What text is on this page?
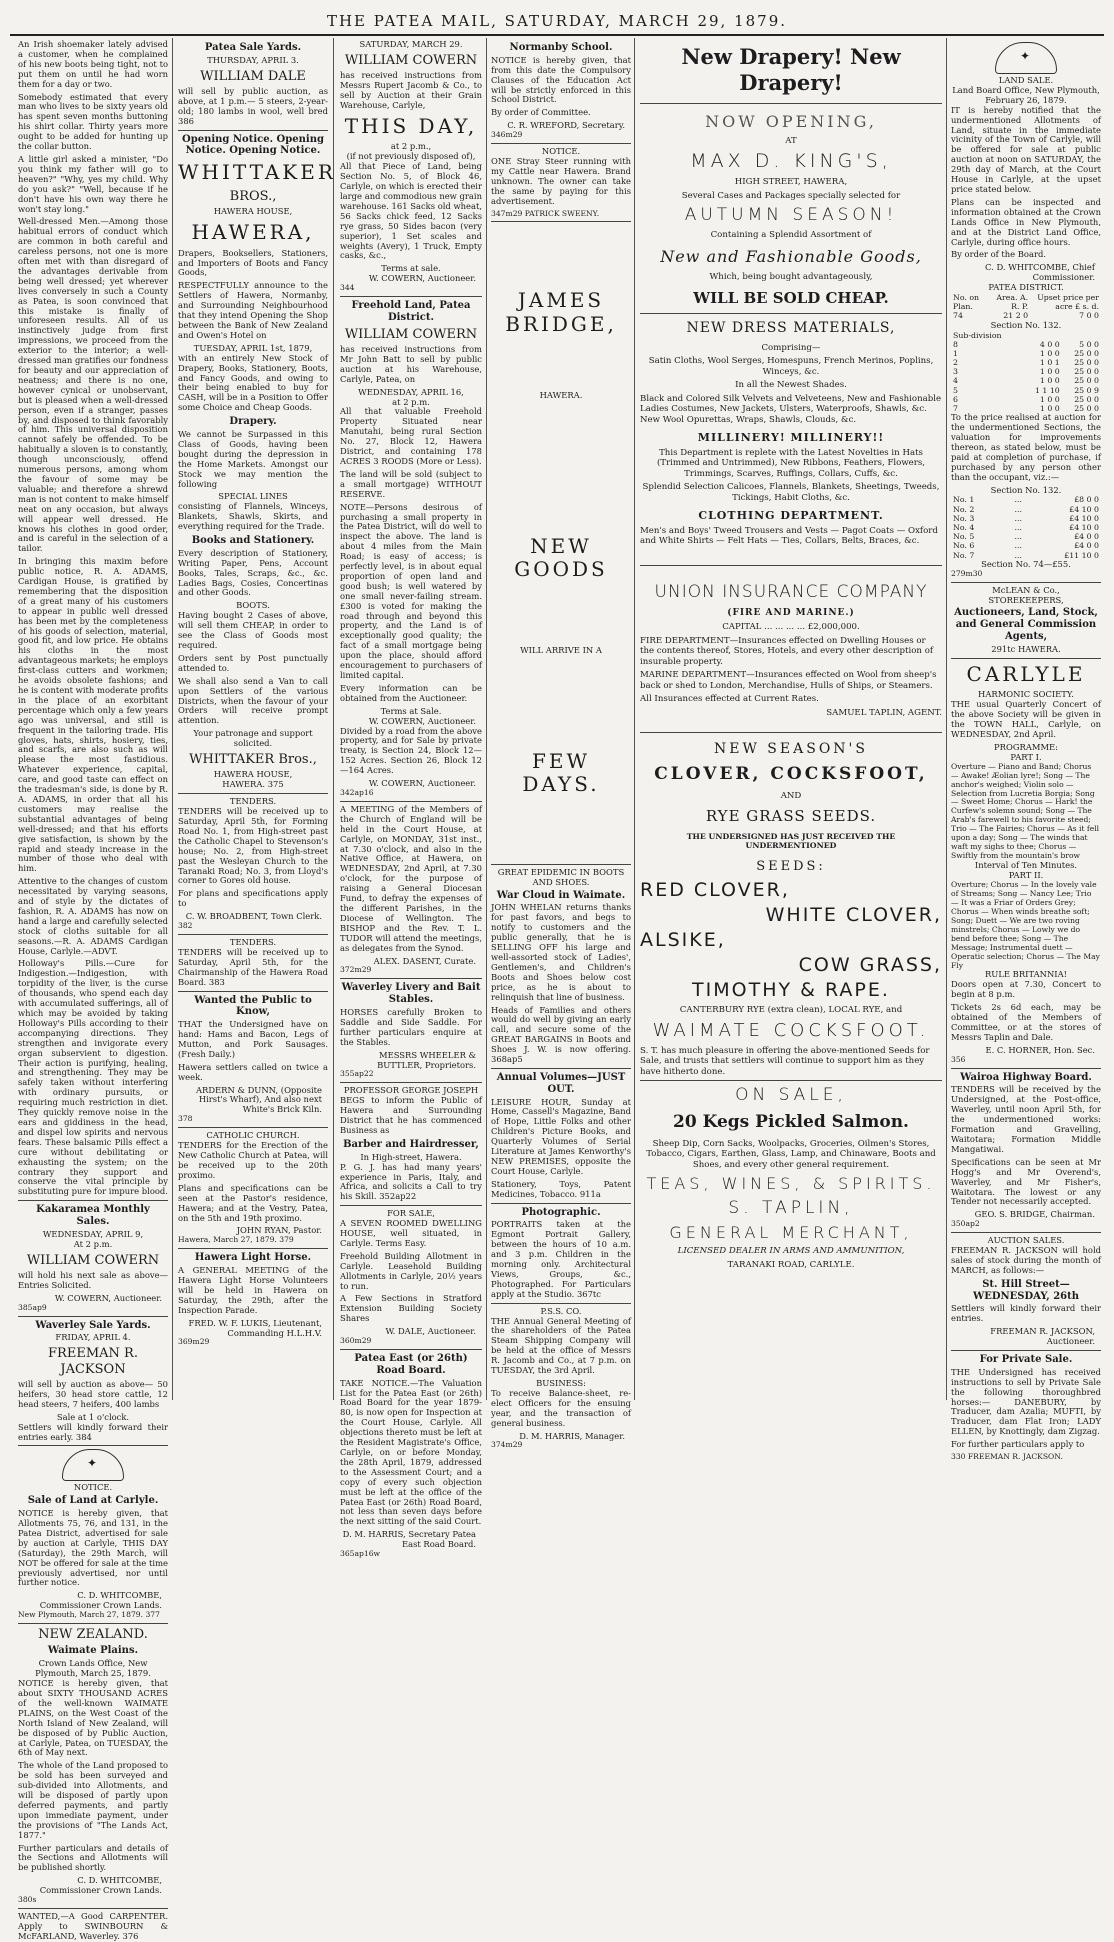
THE PATEA MAIL, SATURDAY, MARCH 29, 1879.
An Irish shoemaker lately advised a customer, when he complained of his new boots being tight, not to put them on until he had worn them for a day or two.
Somebody estimated that every man who lives to be sixty years old has spent seven months buttoning his shirt collar. Thirty years more ought to be added for hunting up the collar button.
A little girl asked a minister, "Do you think my father will go to heaven?" "Why, yes my child. Why do you ask?" "Well, because if he don't have his own way there he won't stay long."
Well-dressed Men.—Among those habitual errors of conduct which are common in both careful and careless persons, not one is more often met with than disregard of the advantages derivable from being well dressed; yet wherever lives conversely in such a County as Patea, is soon convinced that this mistake is finally of unforeseen results. All of us instinctively judge from first impressions, we proceed from the exterior to the interior; a well-dressed man gratifies our fondness for beauty and our appreciation of neatness; and there is no one, however cynical or unobservant, but is pleased when a well-dressed person, even if a stranger, passes by, and disposed to think favorably of him. This universal disposition cannot safely be offended. To be habitually a sloven is to constantly, though unconsciously, offend numerous persons, among whom the favour of some may be valuable; and therefore a shrewd man is not content to make himself neat on any occasion, but always will appear well dressed. He knows his clothes in good order, and is careful in the selection of a tailor.
In bringing this maxim before public notice, R. A. ADAMS, Cardigan House, is gratified by remembering that the disposition of a great many of his customers to appear in public well dressed has been met by the completeness of his goods of selection, material, good fit, and low price. He obtains his cloths in the most advantageous markets; he employs first-class cutters and workmen; he avoids obsolete fashions; and he is content with moderate profits in the place of an exorbitant percentage which only a few years ago was universal, and still is frequent in the tailoring trade. His gloves, hats, shirts, hosiery, ties, and scarfs, are also such as will please the most fastidious. Whatever experience, capital, care, and good taste can effect on the tradesman's side, is done by R. A. ADAMS, in order that all his customers may realise the substantial advantages of being well-dressed; and that his efforts give satisfaction, is shown by the rapid and steady increase in the number of those who deal with him.
Attentive to the changes of custom necessitated by varying seasons, and of style by the dictates of fashion, R. A. ADAMS has now on hand a large and carefully selected stock of cloths suitable for all seasons.—R. A. ADAMS Cardigan House, Carlyle.—ADVT.
Holloway's Pills.—Cure for Indigestion.—Indigestion, with torpidity of the liver, is the curse of thousands, who spend each day with accumulated sufferings, all of which may be avoided by taking Holloway's Pills according to their accompanying directions. They strengthen and invigorate every organ subservient to digestion. Their action is purifying, healing, and strengthening. They may be safely taken without interfering with ordinary pursuits, or requiring much restriction in diet. They quickly remove noise in the ears and giddiness in the head, and dispel low spirits and nervous fears. These balsamic Pills effect a cure without debilitating or exhausting the system; on the contrary they support and conserve the vital principle by substituting pure for impure blood.
Kakaramea Monthly Sales.
WEDNESDAY, APRIL 9,
At 2 p.m.
WILLIAM COWERN
will hold his next sale as above—Entries Solicited.
W. COWERN, Auctioneer.
385ap9
Waverley Sale Yards.
FRIDAY, APRIL 4.
FREEMAN R. JACKSON
will sell by auction as above— 50 heifers, 30 head store cattle, 12 head steers, 7 heifers, 400 lambs
Sale at 1 o'clock.
Settlers will kindly forward their entries early. 384
✦
NOTICE.
Sale of Land at Carlyle.
NOTICE is hereby given, that Allotments 75, 76, and 131, in the Patea District, advertised for sale by auction at Carlyle, THIS DAY (Saturday), the 29th March, will NOT be offered for sale at the time previously advertised, nor until further notice.
C. D. WHITCOMBE, Commissioner Crown Lands.
New Plymouth, March 27, 1879. 377
NEW ZEALAND.
Waimate Plains.
Crown Lands Office, New Plymouth, March 25, 1879.
NOTICE is hereby given, that about SIXTY THOUSAND ACRES of the well-known WAIMATE PLAINS, on the West Coast of the North Island of New Zealand, will be disposed of by Public Auction, at Carlyle, Patea, on TUESDAY, the 6th of May next.
The whole of the Land proposed to be sold has been surveyed and sub-divided into Allotments, and will be disposed of partly upon deferred payments, and partly upon immediate payment, under the provisions of "The Lands Act, 1877."
Further particulars and details of the Sections and Allotments will be published shortly.
C. D. WHITCOMBE, Commissioner Crown Lands.
380s
WANTED,—A Good CARPENTER. Apply to SWINBOURN & McFARLAND, Waverley. 376
Patea Sale Yards.
THURSDAY, APRIL 3.
WILLIAM DALE
will sell by public auction, as above, at 1 p.m.— 5 steers, 2-year-old; 180 lambs in wool, well bred 386
Opening Notice. Opening Notice. Opening Notice.
WHITTAKER
BROS.,
HAWERA HOUSE,
HAWERA,
Drapers, Booksellers, Stationers, and Importers of Boots and Fancy Goods,
RESPECTFULLY announce to the Settlers of Hawera, Normanby, and Surrounding Neighbourhood that they intend Opening the Shop between the Bank of New Zealand and Owen's Hotel on
TUESDAY, APRIL 1st, 1879,
with an entirely New Stock of Drapery, Books, Stationery, Boots, and Fancy Goods, and owing to their being enabled to buy for CASH, will be in a Position to Offer some Choice and Cheap Goods.
Drapery.
We cannot be Surpassed in this Class of Goods, having been bought during the depression in the Home Markets. Amongst our Stock we may mention the following
SPECIAL LINES
consisting of Flannels, Winceys, Blankets, Shawls, Skirts, and everything required for the Trade.
Books and Stationery.
Every description of Stationery, Writing Paper, Pens, Account Books, Tales, Scraps, &c., &c. Ladies Bags, Cosies, Concertinas and other Goods.
BOOTS.
Having bought 2 Cases of above, will sell them CHEAP, in order to see the Class of Goods most required.
Orders sent by Post punctually attended to.
We shall also send a Van to call upon Settlers of the various Districts, when the favour of your Orders will receive prompt attention.
Your patronage and support solicited.
WHITTAKER Bros.,
HAWERA HOUSE,
HAWERA. 375
TENDERS.
TENDERS will be received up to Saturday, April 5th, for Forming Road No. 1, from High-street past the Catholic Chapel to Stevenson's house; No. 2, from High-street past the Wesleyan Church to the Taranaki Road; No. 3, from Lloyd's corner to Gores old house.
For plans and specifications apply to
C. W. BROADBENT, Town Clerk.
382
TENDERS.
TENDERS will be received up to Saturday, April 5th, for the Chairmanship of the Hawera Road Board. 383
Wanted the Public to Know,
THAT the Undersigned have on hand: Hams and Bacon, Legs of Mutton, and Pork Sausages. (Fresh Daily.)
Hawera settlers called on twice a week.
ARDERN & DUNN, (Opposite Hirst's Wharf), And also next White's Brick Kiln.
378
CATHOLIC CHURCH.
TENDERS for the Erection of the New Catholic Church at Patea, will be received up to the 20th proximo.
Plans and specifications can be seen at the Pastor's residence, Hawera; and at the Vestry, Patea, on the 5th and 19th proximo.
JOHN RYAN, Pastor.
Hawera, March 27, 1879. 379
Hawera Light Horse.
A GENERAL MEETING of the Hawera Light Horse Volunteers will be held in Hawera on Saturday, the 29th, after the Inspection Parade.
FRED. W. F. LUKIS, Lieutenant, Commanding H.L.H.V.
369m29
SATURDAY, MARCH 29.
WILLIAM COWERN
has received instructions from Messrs Rupert Jacomb & Co., to sell by Auction at their Grain Warehouse, Carlyle,
THIS DAY,
at 2 p.m.,
(if not previously disposed of),
All that Piece of Land, being Section No. 5, of Block 46, Carlyle, on which is erected their large and commodious new grain warehouse. 161 Sacks old wheat, 56 Sacks chick feed, 12 Sacks rye grass, 50 Sides bacon (very superior), 1 Set scales and weights (Avery), 1 Truck, Empty casks, &c.,
Terms at sale.
W. COWERN, Auctioneer.
344
Freehold Land, Patea District.
WILLIAM COWERN
has received instructions from Mr John Batt to sell by public auction at his Warehouse, Carlyle, Patea, on
WEDNESDAY, APRIL 16,
at 2 p.m.
All that valuable Freehold Property Situated near Manutahi, being rural Section No. 27, Block 12, Hawera District, and containing 178 ACRES 3 ROODS (More or Less).
The land will be sold (subject to a small mortgage) WITHOUT RESERVE.
NOTE—Persons desirous of purchasing a small property in the Patea District, will do well to inspect the above. The land is about 4 miles from the Main Road; is easy of access; is perfectly level, is in about equal proportion of open land and good bush; is well watered by one small never-failing stream. £300 is voted for making the road through and beyond this property, and the Land is of exceptionally good quality; the fact of a small mortgage being upon the place, should afford encouragement to purchasers of limited capital.
Every information can be obtained from the Auctioneer.
Terms at Sale.
W. COWERN, Auctioneer.
Divided by a road from the above property, and for Sale by private treaty, is Section 24, Block 12—152 Acres. Section 26, Block 12—164 Acres.
W. COWERN, Auctioneer.
342ap16
A MEETING of the Members of the Church of England will be held in the Court House, at Carlyle, on MONDAY, 31st inst., at 7.30 o'clock, and also in the Native Office, at Hawera, on WEDNESDAY, 2nd April, at 7.30 o'clock, for the purpose of raising a General Diocesan Fund, to defray the expenses of the different Parishes, in the Diocese of Wellington. The BISHOP and the Rev. T. L. TUDOR will attend the meetings, as delegates from the Synod.
ALEX. DASENT, Curate.
372m29
Waverley Livery and Bait Stables.
HORSES carefully Broken to Saddle and Side Saddle. For further particulars enquire at the Stables.
MESSRS WHEELER & BUTTLER, Proprietors.
355ap22
PROFESSOR GEORGE JOSEPH
BEGS to inform the Public of Hawera and Surrounding District that he has commenced Business as
Barber and Hairdresser,
In High-street, Hawera.
P. G. J. has had many years' experience in Paris, Italy, and Africa, and solicits a Call to try his Skill. 352ap22
FOR SALE,
A SEVEN ROOMED DWELLING HOUSE, well situated, in Carlyle. Terms Easy.
Freehold Building Allotment in Carlyle. Leasehold Building Allotments in Carlyle, 20½ years to run.
A Few Sections in Stratford Extension Building Society Shares
W. DALE, Auctioneer.
360m29
Patea East (or 26th) Road Board.
TAKE NOTICE.—The Valuation List for the Patea East (or 26th) Road Board for the year 1879-80, is now open for Inspection at the Court House, Carlyle. All objections thereto must be left at the Resident Magistrate's Office, Carlyle, on or before Monday, the 28th April, 1879, addressed to the Assessment Court; and a copy of every such objection must be left at the office of the Patea East (or 26th) Road Board, not less than seven days before the next sitting of the said Court.
D. M. HARRIS, Secretary Patea East Road Board.
365ap16w
Normanby School.
NOTICE is hereby given, that from this date the Compulsory Clauses of the Education Act will be strictly enforced in this School District.
By order of Committee.
C. R. WREFORD, Secretary.
346m29
NOTICE.
ONE Stray Steer running with my Cattle near Hawera. Brand unknown. The owner can take the same by paying for this advertisement.
347m29 PATRICK SWEENY.
JAMES BRIDGE,
HAWERA.
NEW GOODS
WILL ARRIVE IN A
FEW DAYS.
GREAT EPIDEMIC IN BOOTS AND SHOES.
War Cloud in Waimate.
JOHN WHELAN returns thanks for past favors, and begs to notify to customers and the public generally, that he is SELLING OFF his large and well-assorted stock of Ladies', Gentlemen's, and Children's Boots and Shoes below cost price, as he is about to relinquish that line of business.
Heads of Families and others would do well by giving an early call, and secure some of the GREAT BARGAINS in Boots and Shoes J. W. is now offering. 368ap5
Annual Volumes—JUST OUT.
LEISURE HOUR, Sunday at Home, Cassell's Magazine, Band of Hope, Little Folks and other Children's Picture Books, and Quarterly Volumes of Serial Literature at James Kenworthy's NEW PREMISES, opposite the Court House, Carlyle.
Stationery, Toys, Patent Medicines, Tobacco. 911a
Photographic.
PORTRAITS taken at the Egmont Portrait Gallery, between the hours of 10 a.m. and 3 p.m. Children in the morning only. Architectural Views, Groups, &c., Photographed. For Particulars apply at the Studio. 367tc
P.S.S. CO.
THE Annual General Meeting of the shareholders of the Patea Steam Shipping Company will be held at the office of Messrs R. Jacomb and Co., at 7 p.m. on TUESDAY, the 3rd April.
BUSINESS:
To receive Balance-sheet, re-elect Officers for the ensuing year, and the transaction of general business.
D. M. HARRIS, Manager.
374m29
New Drapery! New Drapery!
NOW OPENING,
AT
MAX D. KING'S,
HIGH STREET, HAWERA,
Several Cases and Packages specially selected for
AUTUMN SEASON!
Containing a Splendid Assortment of
New and Fashionable Goods,
Which, being bought advantageously,
WILL BE SOLD CHEAP.
NEW DRESS MATERIALS,
Comprising—
Satin Cloths, Wool Serges, Homespuns, French Merinos, Poplins, Winceys, &c.
In all the Newest Shades.
Black and Colored Silk Velvets and Velveteens, New and Fashionable Ladies Costumes, New Jackets, Ulsters, Waterproofs, Shawls, &c. New Wool Opurettas, Wraps, Shawls, Clouds, &c.
MILLINERY! MILLINERY!!
This Department is replete with the Latest Novelties in Hats (Trimmed and Untrimmed), New Ribbons, Feathers, Flowers, Trimmings, Scarves, Ruffings, Collars, Cuffs, &c.
Splendid Selection Calicoes, Flannels, Blankets, Sheetings, Tweeds, Tickings, Habit Cloths, &c.
CLOTHING DEPARTMENT.
Men's and Boys' Tweed Trousers and Vests — Pagot Coats — Oxford and White Shirts — Felt Hats — Ties, Collars, Belts, Braces, &c.
UNION INSURANCE COMPANY
(FIRE AND MARINE.)
CAPITAL ... ... ... ... £2,000,000.
FIRE DEPARTMENT—Insurances effected on Dwelling Houses or the contents thereof, Stores, Hotels, and every other description of insurable property.
MARINE DEPARTMENT—Insurances effected on Wool from sheep's back or shed to London, Merchandise, Hulls of Ships, or Steamers.
All Insurances effected at Current Rates.
SAMUEL TAPLIN, AGENT.
NEW SEASON'S
CLOVER, COCKSFOOT,
AND
RYE GRASS SEEDS.
THE UNDERSIGNED HAS JUST RECEIVED THE UNDERMENTIONED
SEEDS:
RED CLOVER,
WHITE CLOVER,
ALSIKE,
COW GRASS,
TIMOTHY & RAPE.
CANTERBURY RYE (extra clean), LOCAL RYE, and
WAIMATE COCKSFOOT.
S. T. has much pleasure in offering the above-mentioned Seeds for Sale, and trusts that settlers will continue to support him as they have hitherto done.
ON SALE,
20 Kegs Pickled Salmon.
Sheep Dip, Corn Sacks, Woolpacks, Groceries, Oilmen's Stores, Tobacco, Cigars, Earthen, Glass, Lamp, and Chinaware, Boots and Shoes, and every other general requirement.
TEAS, WINES, & SPIRITS.
S. TAPLIN,
GENERAL MERCHANT,
LICENSED DEALER IN ARMS AND AMMUNITION,
TARANAKI ROAD, CARLYLE.
✦
LAND SALE.
Land Board Office, New Plymouth, February 26, 1879.
IT is hereby notified that the undermentioned Allotments of Land, situate in the immediate vicinity of the Town of Carlyle, will be offered for sale at public auction at noon on SATURDAY, the 29th day of March, at the Court House in Carlyle, at the upset price stated below.
Plans can be inspected and information obtained at the Crown Lands Office in New Plymouth, and at the District Land Office, Carlyle, during office hours.
By order of the Board.
C. D. WHITCOMBE, Chief Commissioner.
PATEA DISTRICT.
No. on Plan.	Area. A. R. P.	Upset price per acre £ s. d.
74	21 2 0	7 0 0
Section No. 132.
Sub-division		
8	4 0 0	5 0 0
1	1 0 0	25 0 0
2	1 0 1	25 0 0
3	1 0 0	25 0 0
4	1 0 0	25 0 0
5	1 1 10	25 0 9
6	1 0 0	25 0 0
7	1 0 0	25 0 0
To the price realised at auction for the undermentioned Sections, the valuation for improvements thereon, as stated below, must be paid at completion of purchase, if purchased by any person other than the occupant, viz.:—
Section No. 132.
No. 1	...	£8 0 0
No. 2	...	£4 10 0
No. 3	...	£4 10 0
No. 4	...	£4 10 0
No. 5	...	£4 0 0
No. 6	...	£4 0 0
No. 7	...	£11 10 0
Section No. 74—£55.
279m30
McLEAN & Co.,
STOREKEEPERS,
Auctioneers, Land, Stock, and General Commission Agents,
291tc HAWERA.
CARLYLE
HARMONIC SOCIETY.
THE usual Quarterly Concert of the above Society will be given in the TOWN HALL, Carlyle, on WEDNESDAY, 2nd April.
PROGRAMME:
PART I.
Overture — Piano and Band; Chorus — Awake! Æolian lyre!; Song — The anchor's weighed; Violin solo — Selection from Lucretia Borgia; Song — Sweet Home; Chorus — Hark! the Curfew's solemn sound; Song — The Arab's farewell to his favorite steed; Trio — The Fairies; Chorus — As it fell upon a day; Song — The winds that waft my sighs to thee; Chorus — Swiftly from the mountain's brow
Interval of Ten Minutes.
PART II.
Overture; Chorus — In the lovely vale of Streams; Song — Nancy Lee; Trio — It was a Friar of Orders Grey; Chorus — When winds breathe soft; Song; Duett — We are two roving minstrels; Chorus — Lowly we do bend before thee; Song — The Message; Instrumental duett — Operatic selection; Chorus — The May Fly
RULE BRITANNIA!
Doors open at 7.30, Concert to begin at 8 p.m.
Tickets 2s 6d each, may be obtained of the Members of Committee, or at the stores of Messrs Taplin and Dale.
E. C. HORNER, Hon. Sec.
356
Wairoa Highway Board.
TENDERS will be received by the Undersigned, at the Post-office, Waverley, until noon April 5th, for the undermentioned works: Formation and Gravelling, Waitotara; Formation Middle Mangatiwai.
Specifications can be seen at Mr Hogg's and Mr Overend's, Waverley, and Mr Fisher's, Waitotara. The lowest or any Tender not necessarily accepted.
GEO. S. BRIDGE, Chairman.
350ap2
AUCTION SALES.
FREEMAN R. JACKSON will hold sales of stock during the month of MARCH, as follows:—
St. Hill Street—WEDNESDAY, 26th
Settlers will kindly forward their entries.
FREEMAN R. JACKSON, Auctioneer.
For Private Sale.
THE Undersigned has received instructions to sell by Private Sale the following thoroughbred horses:— DANEBURY, by Traducer, dam Azalia; MUFTI, by Traducer, dam Flat Iron; LADY ELLEN, by Knottingly, dam Zigzag.
For further particulars apply to
330 FREEMAN R. JACKSON.
